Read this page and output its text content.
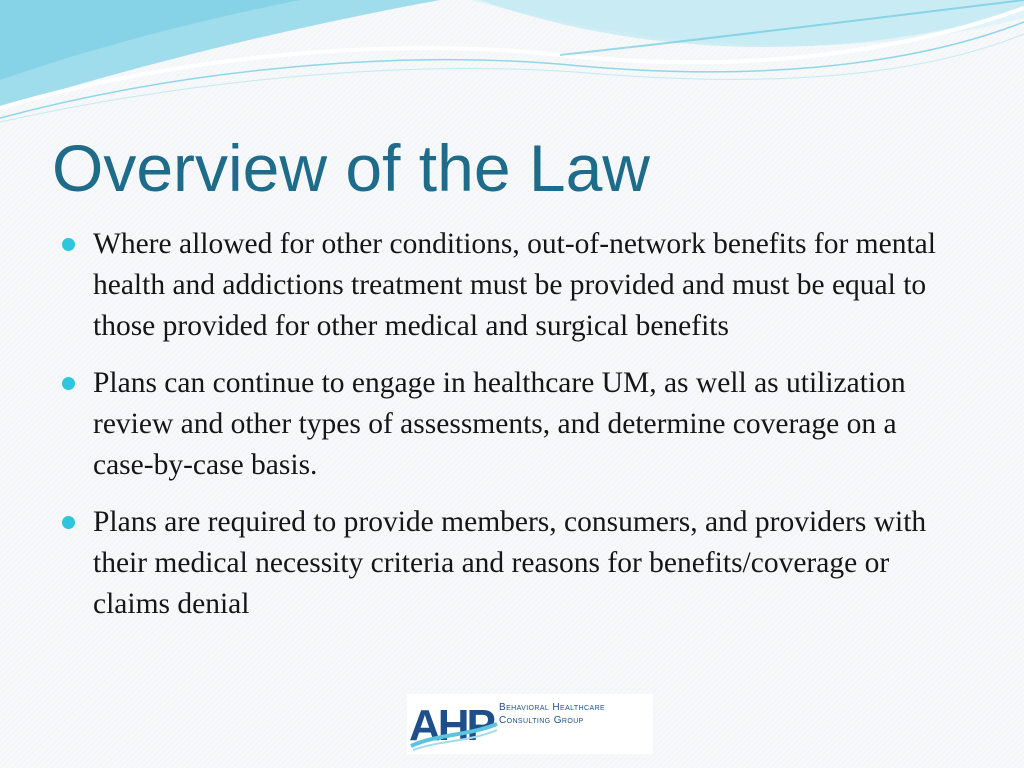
Overview of the Law
Where allowed for other conditions, out-of-network benefits for mental health and addictions treatment must be provided and must be equal to those provided for other medical and surgical benefits
Plans can continue to engage in healthcare UM, as well as utilization review and other types of assessments, and determine coverage on a case-by-case basis.
Plans are required to provide members, consumers, and providers with their medical necessity criteria and reasons for benefits/coverage or claims denial
AHP Behavioral Healthcare
Consulting Group
